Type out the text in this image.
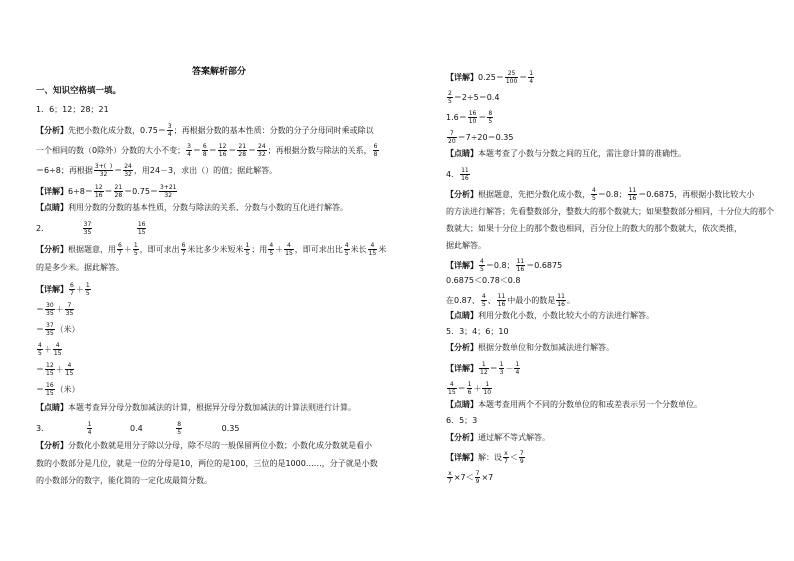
答案解析部分
一、知识空格填一填。
1．6；12；28；21
【分析】先把小数化成分数，$0.75= \frac{3}{4}$ ；再根据分数的基本性质：分数的分子分母同时乘或除以
一个相同的数（0除外）分数的大小不变； $\frac{3}{4} = \frac{6}{8} = \frac{12}{16} = \frac{21}{28} = \frac{24}{32}$ ；再根据分数与除法的关系， $\frac{6}{8}$
＝6÷8；再根据 $\frac{3+( )}{32} = \frac{24}{32}$ ，用24－3，求出（）的值；据此解答。
【详解】$6\div 8= \frac{12}{16} = \frac{21}{28} =0.75= \frac{3+21}{32}$
【点睛】利用分数的分数的基本性质，分数与除法的关系、分数与小数的互化进行解答。
2．	$\frac{37}{35}$
	$\frac{16}{15}$
【分析】根据题意，用 $\frac{6}{7} + \frac{1}{5}$ ，即可求出 $\frac{6}{7}$ 米比多少米短米 $\frac{1}{5}$ ；用 $\frac{4}{5} + \frac{4}{15}$ ，即可求出比 $\frac{4}{5}$ 米长 $\frac{4}{15}$ 米
的是多少米。据此解答。
【详解】 $\frac{6}{7} + \frac{1}{5}$
＝ $\frac{30}{35} + \frac{7}{35}$
＝ $\frac{37}{35}$ （米）
$\frac{4}{5} + \frac{4}{15}$
＝ $\frac{12}{15} + \frac{4}{15}$
＝ $\frac{16}{15}$ （米）
【点睛】本题考查异分母分数加减法的计算，根据异分母分数加减法的计算法则进行计算。
3．	$\frac{1}{4}$	0.4	$\frac{8}{5}$	0.35
【分析】分数化小数就是用分子除以分母，除不尽的一般保留两位小数；小数化成分数就是看小
数的小数部分是几位，就是一位的分母是10，两位的是100，三位的是1000……，分子就是小数
的小数部分的数字，能化简的一定化成最简分数。
【详解】$0.25= \frac{25}{100} = \frac{1}{4}$
$\frac{2}{5} =2\div 5=0.4$
$1.6= \frac{16}{10} = \frac{8}{5}$
$\frac{7}{20} =7\div 20=0.35$
【点睛】本题考查了小数与分数之间的互化，需注意计算的准确性。
4． $\frac{11}{16}$
【分析】根据题意，先把分数化成小数， $\frac{4}{5} =0.8$； $\frac{11}{16} =0.6875$，再根据小数比较大小
的方法进行解答；先看整数部分，整数大的那个数就大；如果整数部分相同，十分位大的那个
数就大；如果十分位上的那个数也相同，百分位上的数大的那个数就大，依次类推，
据此解答。
【详解】 $\frac{4}{5} =0.8$； $\frac{11}{16} =0.6875$
0.6875＜0.78＜0.8
在0.87、 $\frac{4}{5}$ 、 $\frac{11}{16}$ 中最小的数是 $\frac{11}{16}$ 。
【点睛】利用分数化小数，小数比较大小的方法进行解答。
5．3；4；6；10
【分析】根据分数单位和分数加减法进行解答。
【详解】 $\frac{1}{12} = \frac{1}{3} - \frac{1}{4}$
$\frac{4}{15} = \frac{1}{6} + \frac{1}{10}$
【点睛】本题考查用两个不同的分数单位的和或差表示另一个分数单位。
6．5；3
【分析】通过解不等式解答。
【详解】解：设 $\frac{x}{7} < \frac{7}{9}$
$\frac{x}{7} \times 7< \frac{7}{9} \times 7$
